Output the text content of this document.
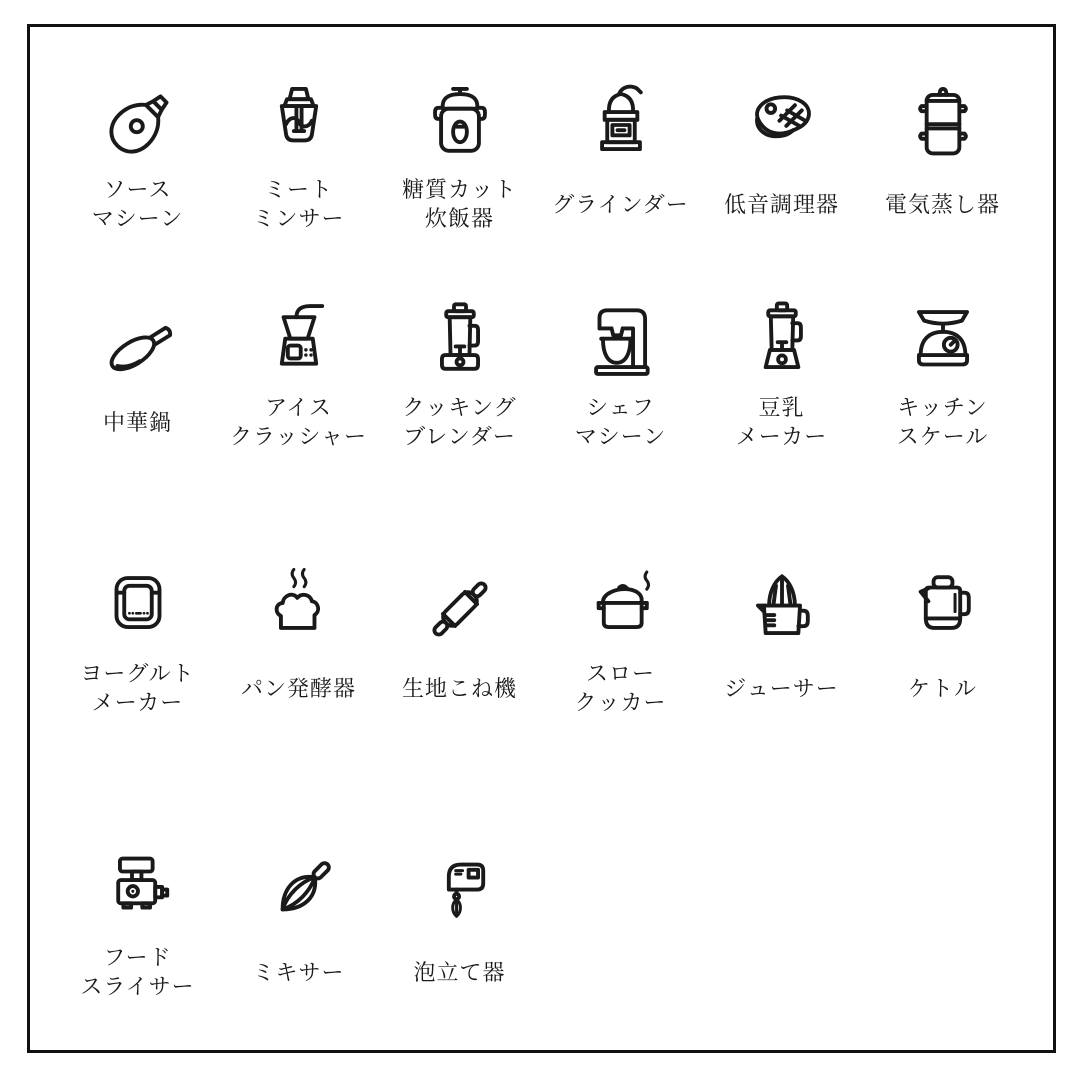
ソース
マシーン
ミート
ミンサー
糖質カット
炊飯器
グラインダー 低音調理器 電気蒸し器
中華鍋
アイス
クラッシャー
クッキング
ブレンダー
シェフ
マシーン
豆乳
メーカー
キッチン
スケール
ヨーグルト
メーカー
パン発酵器 生地こね機
スロー
クッカー
ジューサー	ケトル
フード
スライサー
ミキサー	泡立て器
